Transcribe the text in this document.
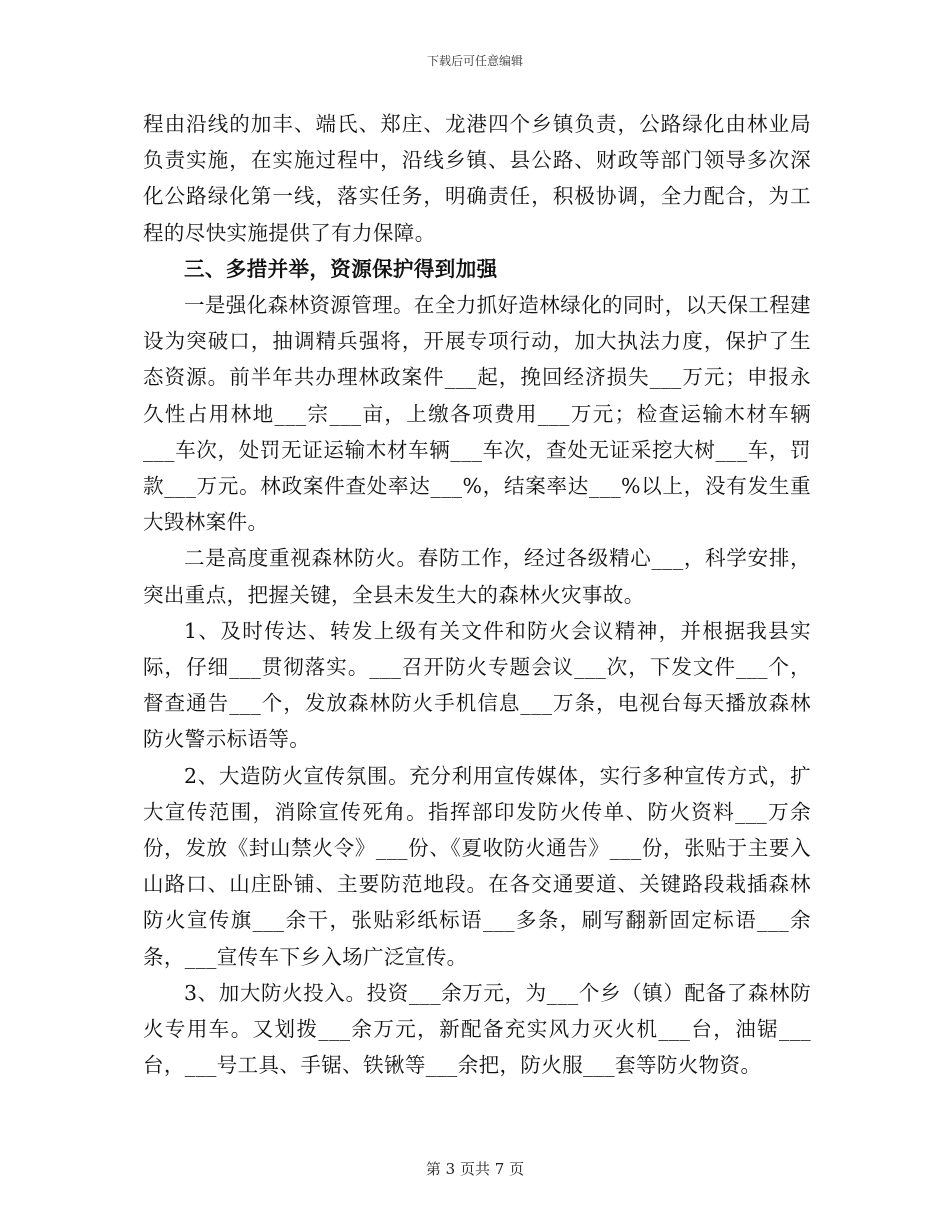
下载后可任意编辑

程由沿线的加丰、端氏、郑庄、龙港四个乡镇负责，公路绿化由林业局负责实施，在实施过程中，沿线乡镇、县公路、财政等部门领导多次深化公路绿化第一线，落实任务，明确责任，积极协调，全力配合，为工程的尽快实施提供了有力保障。

三、多措并举，资源保护得到加强

一是强化森林资源管理。在全力抓好造林绿化的同时，以天保工程建设为突破口，抽调精兵强将，开展专项行动，加大执法力度，保护了生态资源。前半年共办理林政案件___起，挽回经济损失___万元；申报永久性占用林地___宗___亩，上缴各项费用___万元；检查运输木材车辆___车次，处罚无证运输木材车辆___车次，查处无证采挖大树___车，罚款___万元。林政案件查处率达___%，结案率达___%以上，没有发生重大毁林案件。

二是高度重视森林防火。春防工作，经过各级精心___，科学安排，突出重点，把握关键，全县未发生大的森林火灾事故。

1、及时传达、转发上级有关文件和防火会议精神，并根据我县实际，仔细___贯彻落实。___召开防火专题会议___次，下发文件___个，督查通告___个，发放森林防火手机信息___万条，电视台每天播放森林防火警示标语等。

2、大造防火宣传氛围。充分利用宣传媒体，实行多种宣传方式，扩大宣传范围，消除宣传死角。指挥部印发防火传单、防火资料___万余份，发放《封山禁火令》___份、《夏收防火通告》___份，张贴于主要入山路口、山庄卧铺、主要防范地段。在各交通要道、关键路段栽插森林防火宣传旗___余干，张贴彩纸标语___多条，刷写翻新固定标语___余条，___宣传车下乡入场广泛宣传。

3、加大防火投入。投资___余万元，为___个乡（镇）配备了森林防火专用车。又划拨___余万元，新配备充实风力灭火机___台，油锯___台，___号工具、手锯、铁锹等___余把，防火服___套等防火物资。

第 3 页共 7 页
